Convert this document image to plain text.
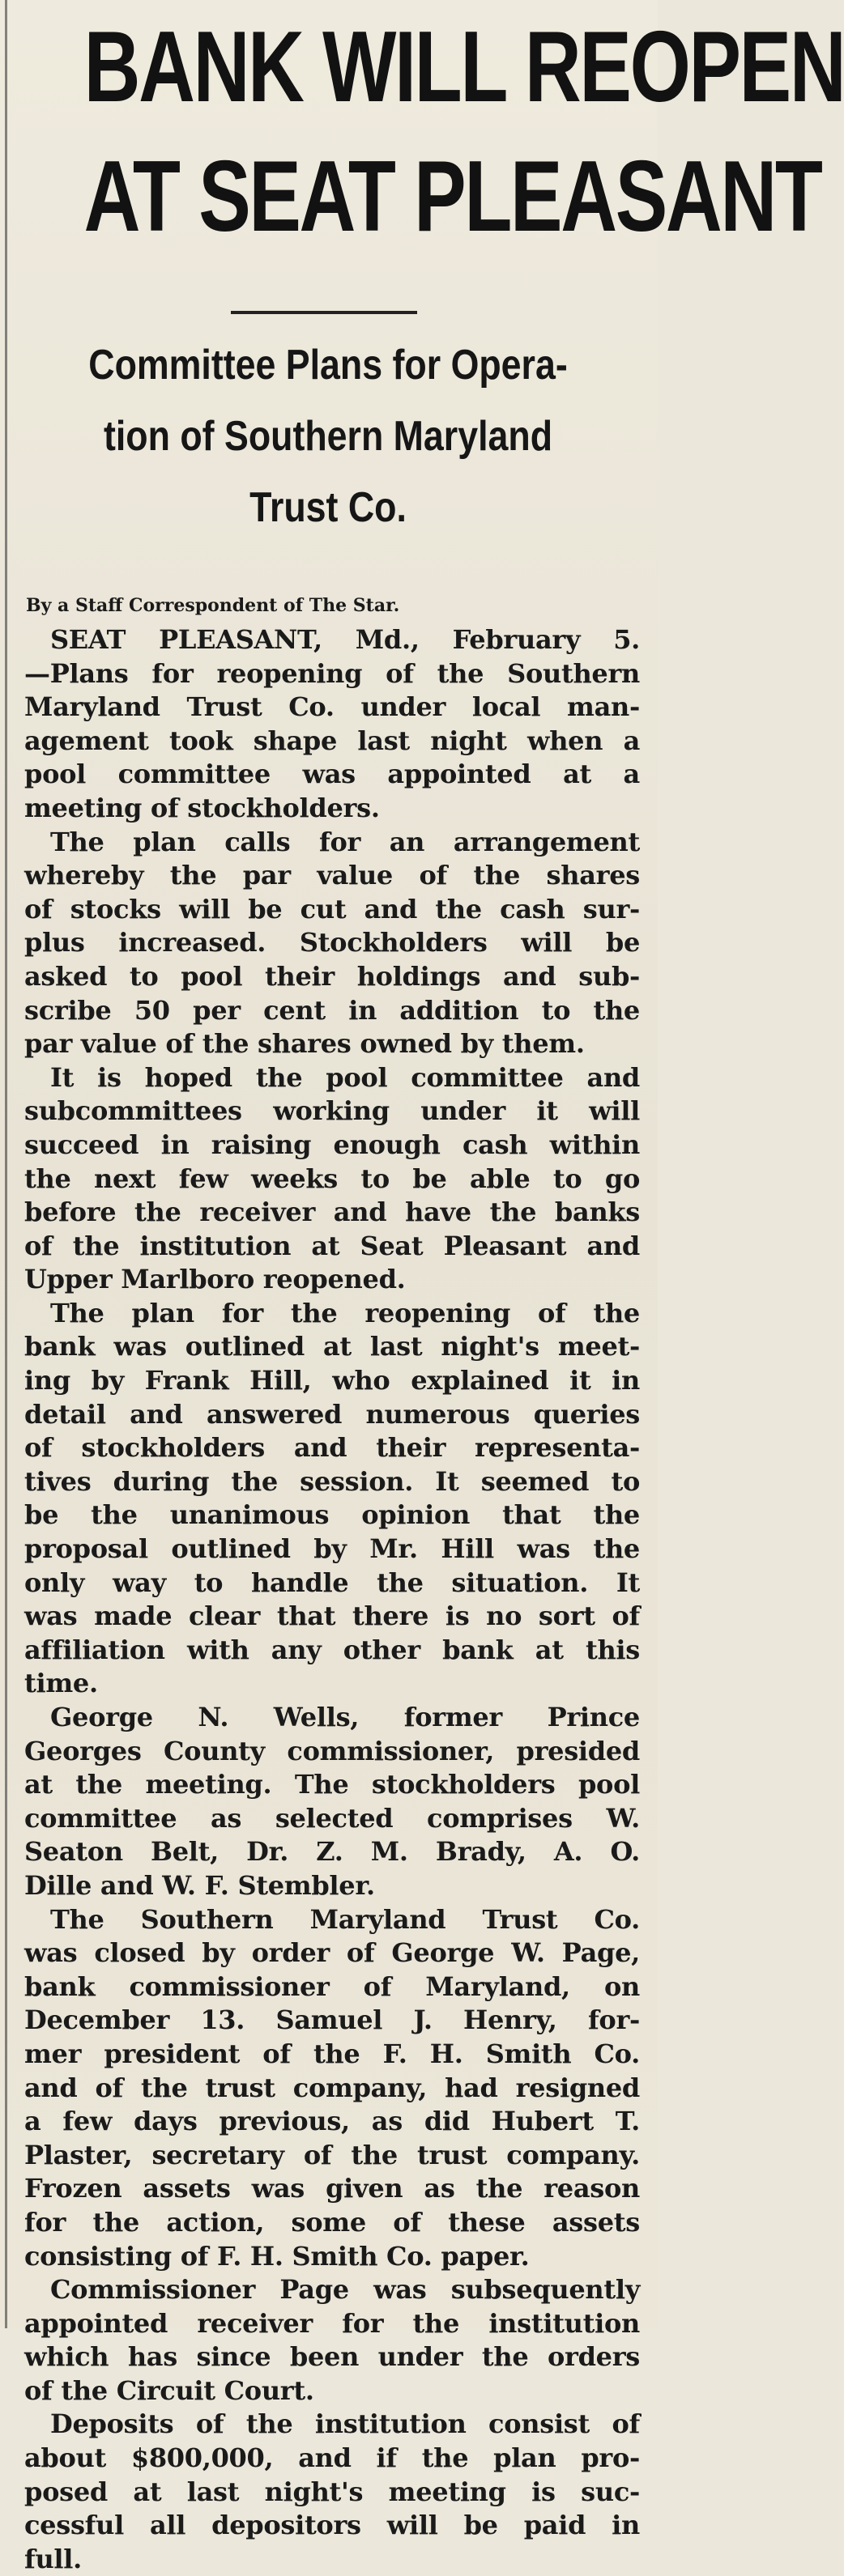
BANK WILL REOPEN
AT SEAT PLEASANT
Committee Plans for Opera-
tion of Southern Maryland
Trust Co.

By a Staff Correspondent of The Star.

SEAT PLEASANT, Md., February 5.
—Plans for reopening of the Southern
Maryland Trust Co. under local man-
agement took shape last night when a
pool committee was appointed at a
meeting of stockholders.
The plan calls for an arrangement
whereby the par value of the shares
of stocks will be cut and the cash sur-
plus increased. Stockholders will be
asked to pool their holdings and sub-
scribe 50 per cent in addition to the
par value of the shares owned by them.
It is hoped the pool committee and
subcommittees working under it will
succeed in raising enough cash within
the next few weeks to be able to go
before the receiver and have the banks
of the institution at Seat Pleasant and
Upper Marlboro reopened.
The plan for the reopening of the
bank was outlined at last night's meet-
ing by Frank Hill, who explained it in
detail and answered numerous queries
of stockholders and their representa-
tives during the session. It seemed to
be the unanimous opinion that the
proposal outlined by Mr. Hill was the
only way to handle the situation. It
was made clear that there is no sort of
affiliation with any other bank at this
time.
George N. Wells, former Prince
Georges County commissioner, presided
at the meeting. The stockholders pool
committee as selected comprises W.
Seaton Belt, Dr. Z. M. Brady, A. O.
Dille and W. F. Stembler.
The Southern Maryland Trust Co.
was closed by order of George W. Page,
bank commissioner of Maryland, on
December 13. Samuel J. Henry, for-
mer president of the F. H. Smith Co.
and of the trust company, had resigned
a few days previous, as did Hubert T.
Plaster, secretary of the trust company.
Frozen assets was given as the reason
for the action, some of these assets
consisting of F. H. Smith Co. paper.
Commissioner Page was subsequently
appointed receiver for the institution
which has since been under the orders
of the Circuit Court.
Deposits of the institution consist of
about $800,000, and if the plan pro-
posed at last night's meeting is suc-
cessful all depositors will be paid in
full.
